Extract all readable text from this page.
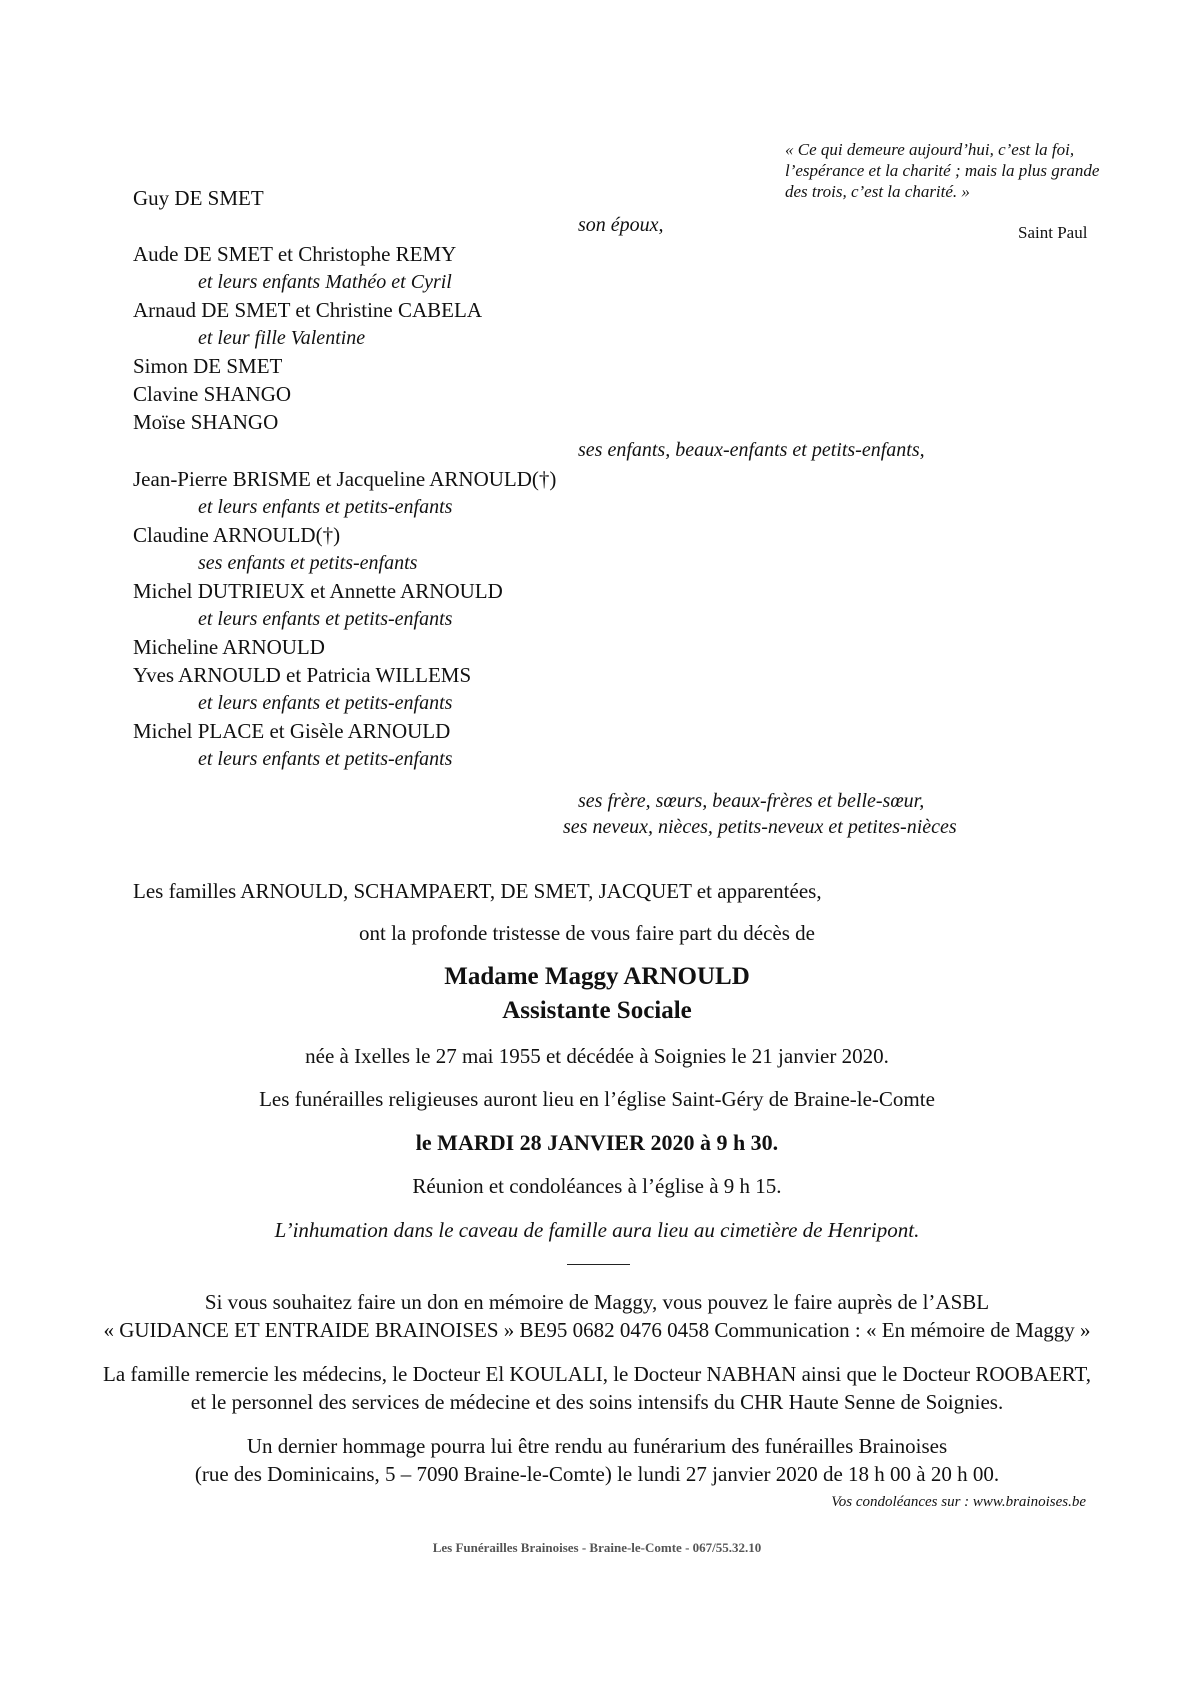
« Ce qui demeure aujourd’hui, c’est la foi, l’espérance et la charité ; mais la plus grande des trois, c’est la charité. »
Saint Paul
Guy DE SMET
son époux,
Aude DE SMET et Christophe REMY
et leurs enfants Mathéo et Cyril
Arnaud DE SMET et Christine CABELA
et leur fille Valentine
Simon DE SMET
Clavine SHANGO
Moïse SHANGO
ses enfants, beaux-enfants et petits-enfants,
Jean-Pierre BRISME et Jacqueline ARNOULD(†)
et leurs enfants et petits-enfants
Claudine ARNOULD(†)
ses enfants et petits-enfants
Michel DUTRIEUX et Annette ARNOULD
et leurs enfants et petits-enfants
Micheline ARNOULD
Yves ARNOULD et Patricia WILLEMS
et leurs enfants et petits-enfants
Michel PLACE et Gisèle ARNOULD
et leurs enfants et petits-enfants
ses frère, sœurs, beaux-frères et belle-sœur,
ses neveux, nièces, petits-neveux et petites-nièces
Les familles ARNOULD, SCHAMPAERT, DE SMET, JACQUET et apparentées,
ont la profonde tristesse de vous faire part du décès de
Madame Maggy ARNOULD
Assistante Sociale
née à Ixelles le 27 mai 1955 et décédée à Soignies le 21 janvier 2020.
Les funérailles religieuses auront lieu en l’église Saint-Géry de Braine-le-Comte
le MARDI 28 JANVIER 2020 à 9 h 30.
Réunion et condoléances à l’église à 9 h 15.
L’inhumation dans le caveau de famille aura lieu au cimetière de Henripont.
Si vous souhaitez faire un don en mémoire de Maggy, vous pouvez le faire auprès de l’ASBL
« GUIDANCE ET ENTRAIDE BRAINOISES » BE95 0682 0476 0458 Communication : « En mémoire de Maggy »
La famille remercie les médecins, le Docteur El KOULALI, le Docteur NABHAN ainsi que le Docteur ROOBAERT,
et le personnel des services de médecine et des soins intensifs du CHR Haute Senne de Soignies.
Un dernier hommage pourra lui être rendu au funérarium des funérailles Brainoises
(rue des Dominicains, 5 – 7090 Braine-le-Comte) le lundi 27 janvier 2020 de 18 h 00 à 20 h 00.
Vos condoléances sur : www.brainoises.be
Les Funérailles Brainoises - Braine-le-Comte - 067/55.32.10
